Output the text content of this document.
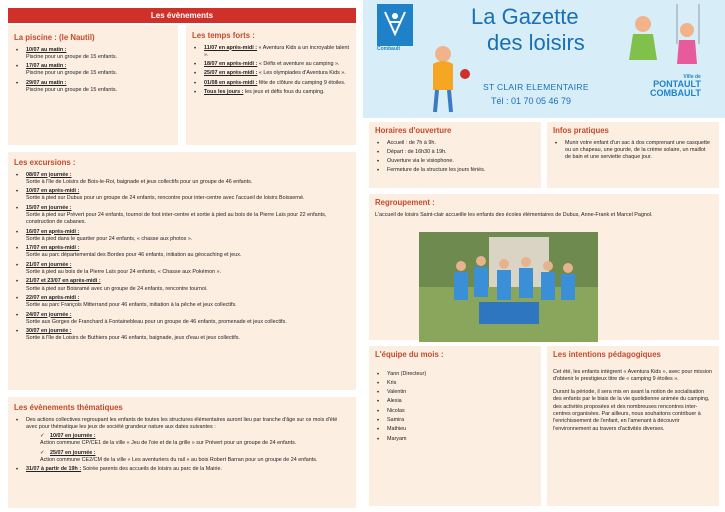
Les évènements
La piscine : (le Nautil)
• 10/07 au matin :
Piscine pour un groupe de 15 enfants.
• 17/07 au matin :
Piscine pour un groupe de 15 enfants.
• 29/07 au matin :
Piscine pour un groupe de 15 enfants.
Les temps forts :
• 11/07 en après-midi : « Aventura Kids a un incroyable talent ».
• 18/07 en après-midi : « Défis et aventure au camping ».
• 25/07 en après-midi : « Les olympiades d'Aventura Kids ».
• 01/08 en après-midi : fête de clôture du camping 9 étoiles.
• Tous les jours : les jeux et défis fous du camping.
Les excursions :
• 08/07 en journée :
Sortie à l'île de Loisirs de Bois-le-Roi, baignade et jeux collectifs pour un groupe de 46 enfants.
• 10/07 en après-midi :
Sortie à pied sur Dubus pour un groupe de 24 enfants, rencontre pour inter-centre avec l'accueil de loisirs Boisserné.
• 15/07 en journée :
Sortie à pied sur Prévert pour 24 enfants, tournoi de foot inter-centre et sortie à pied au bois de la Pierre Laïs pour 22 enfants, construction de cabanes.
• 16/07 en après-midi :
Sortie à pied dans le quartier pour 24 enfants, « chasse aux photos ».
• 17/07 en après-midi :
Sortie au parc départemental des Bordes pour 46 enfants, initiation au géocaching et jeux.
• 21/07 en journée :
Sortie à pied au bois de la Pierre Laïs pour 24 enfants, « Chasse aux Pokémon ».
• 21/07 et 23/07 en après-midi :
Sortie à pied sur Boisramé avec un groupe de 24 enfants, rencontre tournoi.
• 22/07 en après-midi :
Sortie au parc François Mitterrand pour 46 enfants, initiation à la pêche et jeux collectifs.
• 24/07 en journée :
Sortie aux Gorges de Franchard à Fontainebleau pour un groupe de 46 enfants, promenade et jeux collectifs.
• 30/07 en journée :
Sortie à l'île de Loisirs de Buthiers pour 46 enfants, baignade, jeux d'eau et jeux collectifs.
Les évènements thématiques
• Des actions collectives regroupant les enfants de toutes les structures élémentaires auront lieu par tranche d'âge sur ce mois d'été avec pour thématique les jeux de société grandeur nature aux dates suivantes :
✓ 10/07 en journée :
Action commune CP/CE1 de la ville « Jeu de l'oie et de la grille » sur Prévert pour un groupe de 24 enfants.
✓ 25/07 en journée :
Action commune CE2/CM de la ville « Les aventuriers du rail » au bois Robert Barran pour un groupe de 24 enfants.
• 31/07 à partir de 19h : Soirée parents des accueils de loisirs au parc de la Mairie.
Combault
La Gazette
des loisirs
ST CLAIR ELEMENTAIRE
Tél : 01 70 05 46 79
Ville de
PONTAULT
COMBAULT
Horaires d'ouverture
• Accueil : de 7h à 9h.
• Départ : de 16h30 à 19h.
• Ouverture via le visiophone.
• Fermeture de la structure les jours fériés.
Infos pratiques
• Munir votre enfant d'un sac à dos comprenant une casquette ou un chapeau, une gourde, de la crème solaire, un maillot de bain et une serviette chaque jour.
Regroupement :
L'accueil de loisirs Saint-clair accueille les enfants des écoles élémentaires de Dubus, Anne-Frank et Marcel Pagnol.
L'équipe du mois :
• Yann (Directeur)
• Kris
• Valentin
• Alexia
• Nicolas
• Samira
• Mathieu
• Maryam
Les intentions pédagogiques

Cet été, les enfants intègrent « Aventura Kids », avec pour mission d'obtenir le prestigieux titre de « camping 9 étoiles ».

Durant la période, il sera mis en avant la notion de socialisation des enfants par le biais de la vie quotidienne animée du camping, des activités proposées et des nombreuses rencontres inter-centres organisées. Par ailleurs, nous souhaitons contribuer à l'enrichissement de l'enfant, en l'amenant à découvrir l'environnement au travers d'activités diverses.
